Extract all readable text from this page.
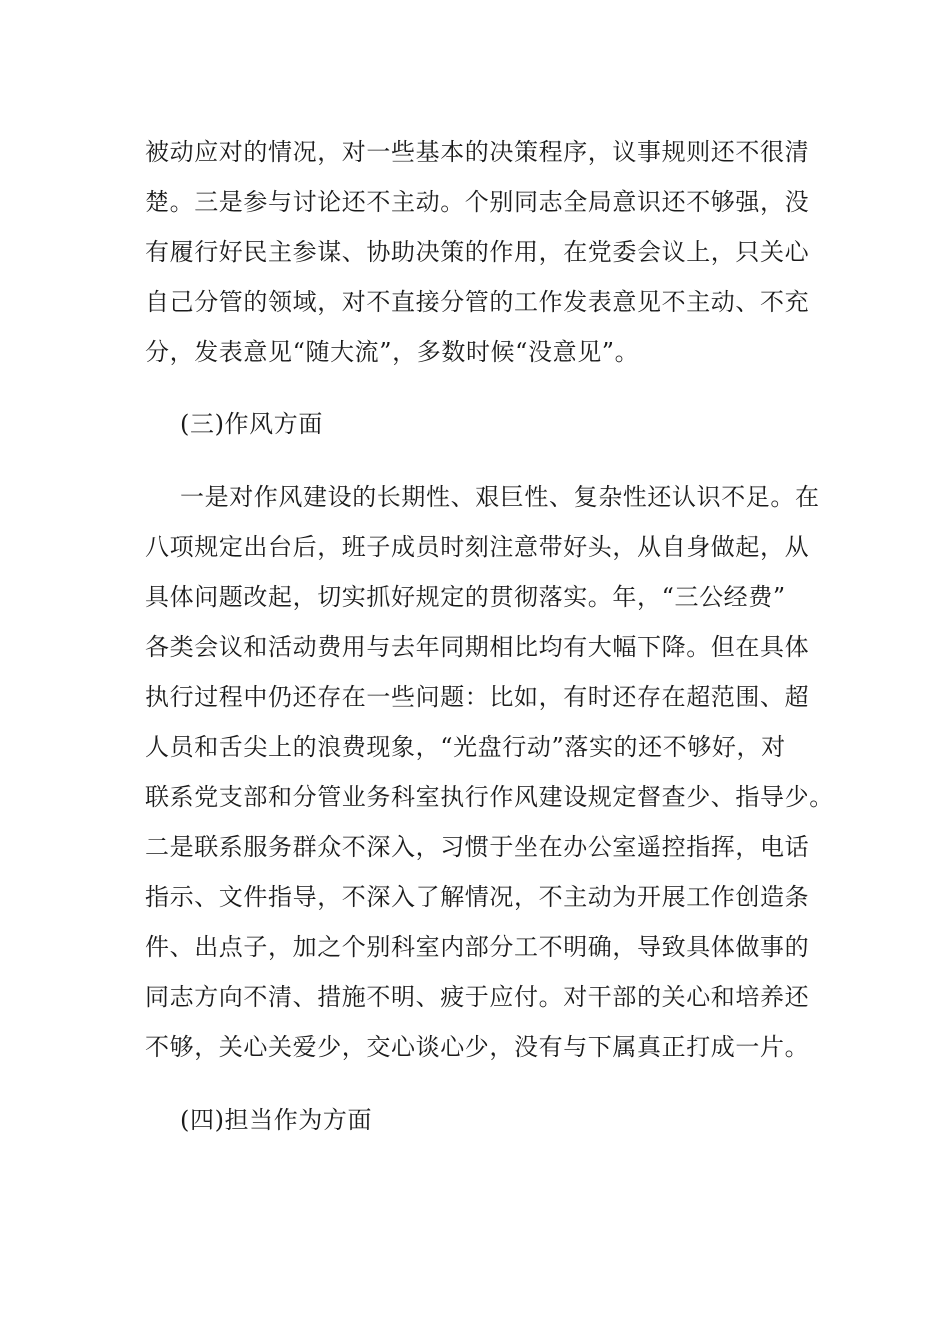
被动应对的情况，对一些基本的决策程序，议事规则还不很清
楚。三是参与讨论还不主动。个别同志全局意识还不够强，没
有履行好民主参谋、协助决策的作用，在党委会议上，只关心
自己分管的领域，对不直接分管的工作发表意见不主动、不充
分，发表意见“随大流”，多数时候“没意见”。
(三)作风方面
一是对作风建设的长期性、艰巨性、复杂性还认识不足。在
八项规定出台后，班子成员时刻注意带好头，从自身做起，从
具体问题改起，切实抓好规定的贯彻落实。年，“三公经费”
各类会议和活动费用与去年同期相比均有大幅下降。但在具体
执行过程中仍还存在一些问题：比如，有时还存在超范围、超
人员和舌尖上的浪费现象，“光盘行动”落实的还不够好，对
联系党支部和分管业务科室执行作风建设规定督查少、指导少。
二是联系服务群众不深入，习惯于坐在办公室遥控指挥，电话
指示、文件指导，不深入了解情况，不主动为开展工作创造条
件、出点子，加之个别科室内部分工不明确，导致具体做事的
同志方向不清、措施不明、疲于应付。对干部的关心和培养还
不够，关心关爱少，交心谈心少，没有与下属真正打成一片。
(四)担当作为方面
